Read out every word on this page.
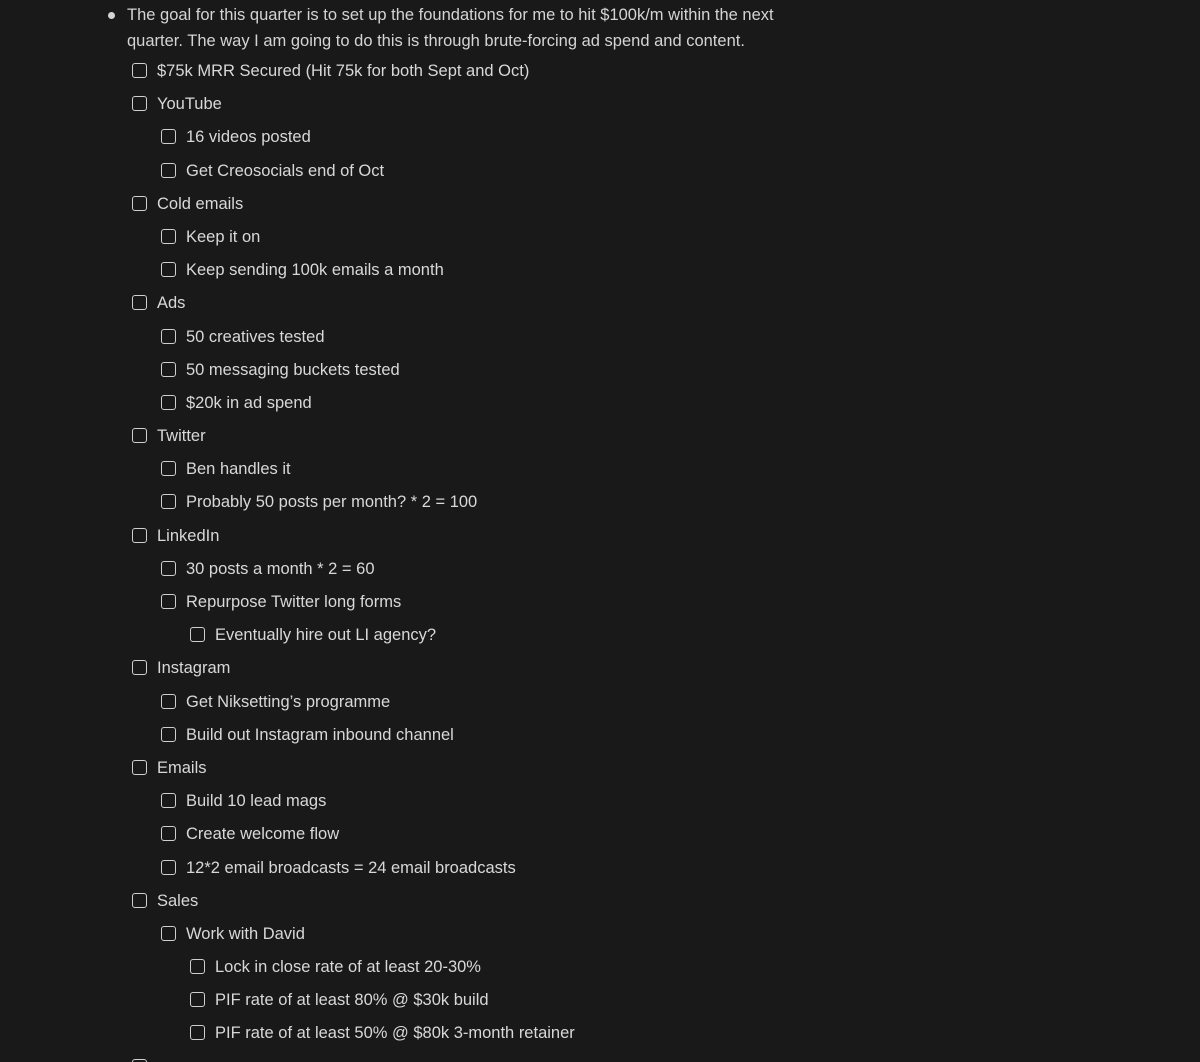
The goal for this quarter is to set up the foundations for me to hit $100k/m within the next quarter. The way I am going to do this is through brute-forcing ad spend and content.
$75k MRR Secured (Hit 75k for both Sept and Oct)
YouTube
16 videos posted
Get Creosocials end of Oct
Cold emails
Keep it on
Keep sending 100k emails a month
Ads
50 creatives tested
50 messaging buckets tested
$20k in ad spend
Twitter
Ben handles it
Probably 50 posts per month? * 2 = 100
LinkedIn
30 posts a month * 2 = 60
Repurpose Twitter long forms
Eventually hire out LI agency?
Instagram
Get Niksetting’s programme
Build out Instagram inbound channel
Emails
Build 10 lead mags
Create welcome flow
12*2 email broadcasts = 24 email broadcasts
Sales
Work with David
Lock in close rate of at least 20-30%
PIF rate of at least 80% @ $30k build
PIF rate of at least 50% @ $80k 3-month retainer
